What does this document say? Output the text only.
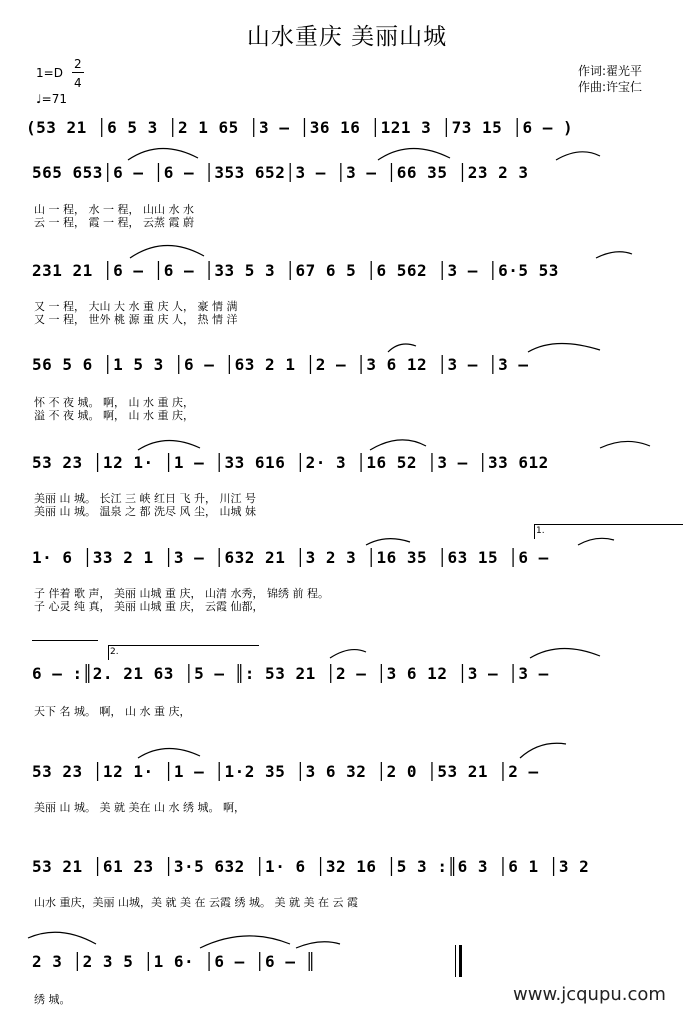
山水重庆 美丽山城
1=D
2
4
♩=71
作词:翟光平
作曲:许宝仁
(53 21 │6 5 3 │2 1 65 │3 – │36 16 │121 3 │73 15 │6 – )
565 653│6 – │6 – │353 652│3 – │3 – │66 35 │23 2 3
山 一 程， 水 一 程， 山山 水 水
云 一 程， 霞 一 程， 云蒸 霞 蔚
231 21 │6 – │6 – │33 5 3 │67 6 5 │6 562 │3 – │6·5 53
又 一 程， 大山 大 水 重 庆 人， 豪 情 满
又 一 程， 世外 桃 源 重 庆 人， 热 情 洋
56 5 6 │1 5 3 │6 – │63 2 1 │2 – │3 6 12 │3 – │3 –
怀 不 夜 城。 啊， 山 水 重 庆，
溢 不 夜 城。 啊， 山 水 重 庆，
53 23 │12 1· │1 – │33 616 │2· 3 │16 52 │3 – │33 612
美丽 山 城。 长江 三 峡 红日 飞 升， 川江 号
美丽 山 城。 温泉 之 都 洗尽 风 尘， 山城 妹
1· 6 │33 2 1 │3 – │632 21 │3 2 3 │16 35 │63 15 │6 –
子 伴着 歌 声， 美丽 山城 重 庆， 山清 水秀， 锦绣 前 程。
子 心灵 纯 真， 美丽 山城 重 庆， 云霞 仙都，
6 – :║2. 21 63 │5 – ║: 53 21 │2 – │3 6 12 │3 – │3 –
天下 名 城。 啊， 山 水 重 庆，
53 23 │12 1· │1 – │1·2 35 │3 6 32 │2 0 │53 21 │2 –
美丽 山 城。 美 就 美在 山 水 绣 城。 啊，
53 21 │61 23 │3·5 632 │1· 6 │32 16 │5 3 :║6 3 │6 1 │3 2
山水 重庆，美丽 山城，美 就 美 在 云霞 绣 城。 美 就 美 在 云 霞
2 3 │2 3 5 │1 6· │6 – │6 – ║
绣 城。
1.
2.
www.jcqupu.com
